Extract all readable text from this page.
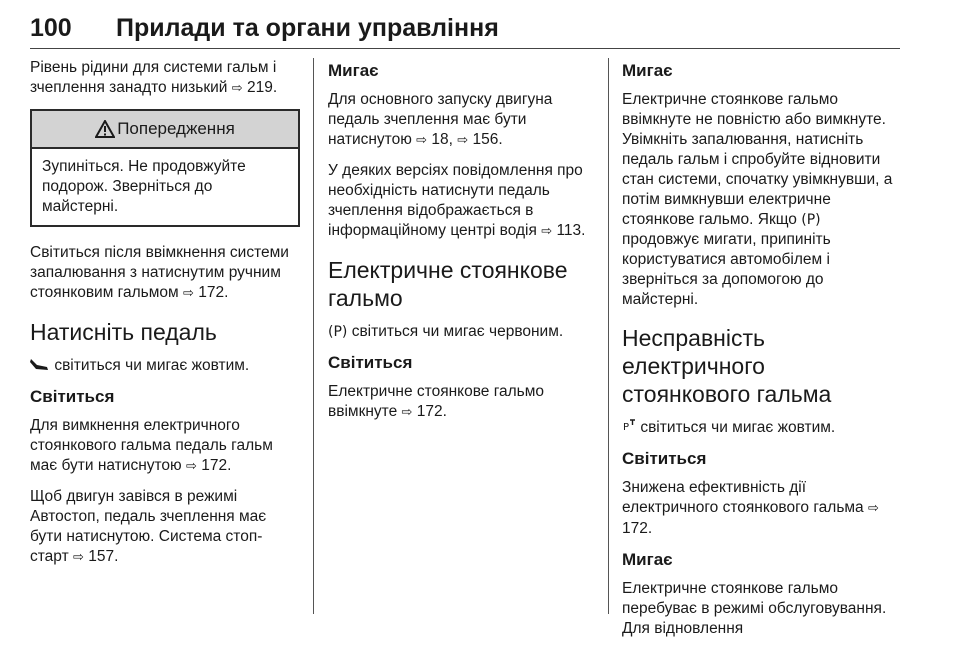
100 Прилади та органи управління

Рівень рідини для системи гальм і зчеплення занадто низький ⇨ 219.

Попередження
Зупиніться. Не продовжуйте подорож. Зверніться до майстерні.

Світиться після ввімкнення системи запалювання з натиснутим ручним стоянковим гальмом ⇨ 172.

Натисніть педаль

світиться чи мигає жовтим.

Світиться

Для вимкнення електричного стоянкового гальма педаль гальм має бути натиснутою ⇨ 172.

Щоб двигун завівся в режимі Автостоп, педаль зчеплення має бути натиснутою. Система стоп-старт ⇨ 157.

Мигає

Для основного запуску двигуна педаль зчеплення має бути натиснутою ⇨ 18, ⇨ 156.

У деяких версіях повідомлення про необхідність натиснути педаль зчеплення відображається в інформаційному центрі водія ⇨ 113.

Електричне стоянкове гальмо

(P) світиться чи мигає червоним.

Світиться

Електричне стоянкове гальмо ввімкнуте ⇨ 172.

Мигає

Електричне стоянкове гальмо ввімкнуте не повністю або вимкнуте. Увімкніть запалювання, натисніть педаль гальм і спробуйте відновити стан системи, спочатку увімкнувши, а потім вимкнувши електричне стоянкове гальмо. Якщо (P) продовжує мигати, припиніть користуватися автомобілем і зверніться за допомогою до майстерні.

Несправність електричного стоянкового гальма

P світиться чи мигає жовтим.

Світиться

Знижена ефективність дії електричного стоянкового гальма ⇨ 172.

Мигає

Електричне стоянкове гальмо перебуває в режимі обслуговування. Для відновлення
